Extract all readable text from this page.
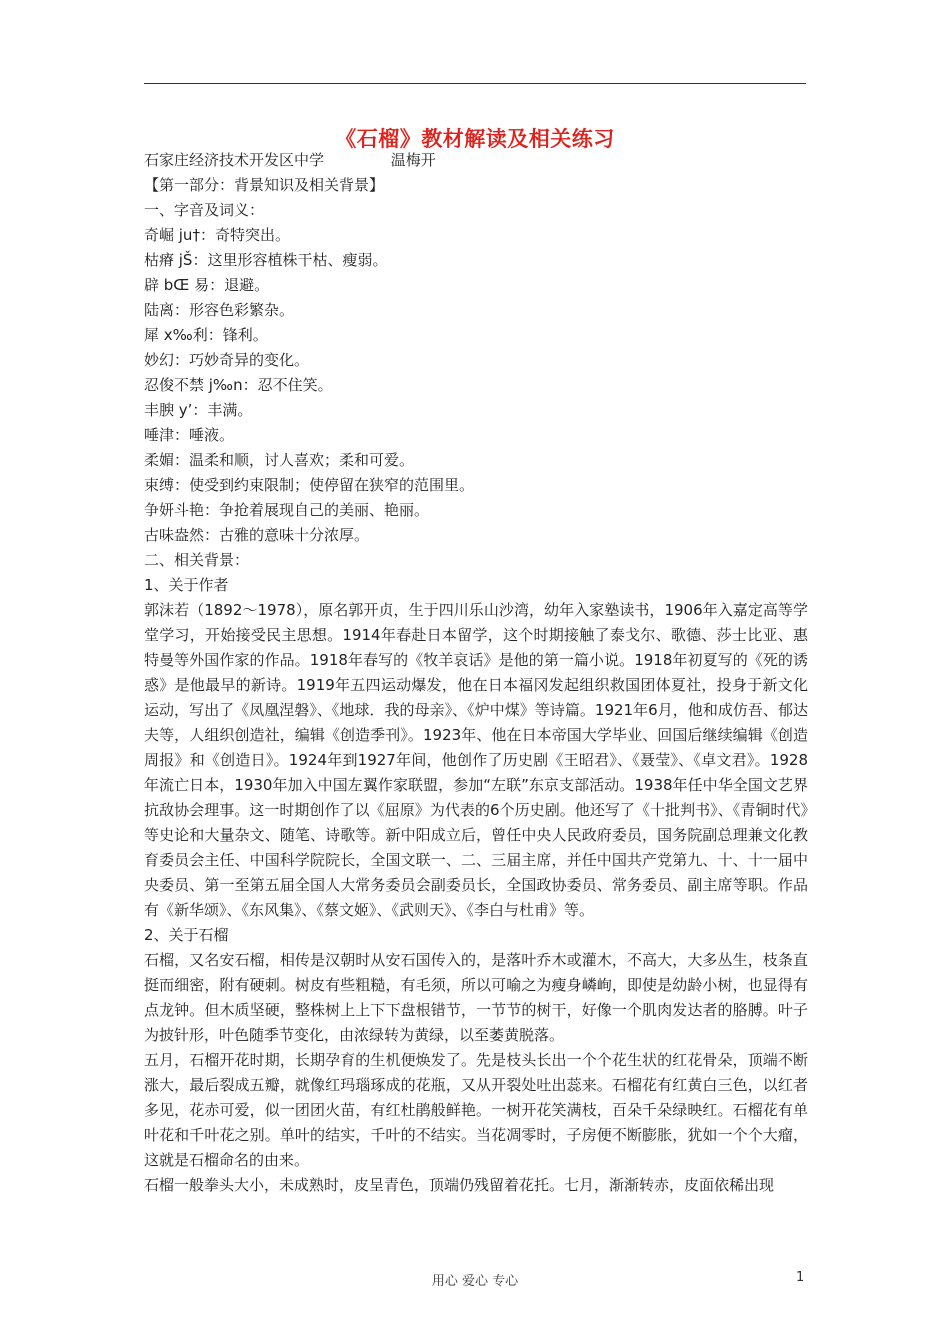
《石榴》教材解读及相关练习

石家庄经济技术开发区中学	温梅开

【第一部分：背景知识及相关背景】

一、字音及词义：

奇崛 ju†：奇特突出。

枯瘠 jŠ：这里形容植株干枯、瘦弱。

辟 bŒ 易：退避。

陆离：形容色彩繁杂。

犀 x‰利：锋利。

妙幻：巧妙奇异的变化。

忍俊不禁 j‰n：忍不住笑。

丰腴 y’：丰满。

唾津：唾液。

柔媚：温柔和顺，讨人喜欢；柔和可爱。

束缚：使受到约束限制；使停留在狭窄的范围里。

争妍斗艳：争抢着展现自己的美丽、艳丽。

古味盎然：古雅的意味十分浓厚。

二、相关背景：

1、关于作者

郭沫若（1892～1978），原名郭开贞，生于四川乐山沙湾，幼年入家塾读书，1906年入嘉定高等学堂学习，开始接受民主思想。1914年春赴日本留学，这个时期接触了泰戈尔、歌德、莎士比亚、惠特曼等外国作家的作品。1918年春写的《牧羊哀话》是他的第一篇小说。1918年初夏写的《死的诱惑》是他最早的新诗。1919年五四运动爆发，他在日本福冈发起组织救国团体夏社，投身于新文化运动，写出了《凤凰涅磐》、《地球．我的母亲》、《炉中煤》等诗篇。1921年6月，他和成仿吾、郁达夫等，人组织创造社，编辑《创造季刊》。1923年、他在日本帝国大学毕业、回国后继续编辑《创造周报》和《创造日》。1924年到1927年间，他创作了历史剧《王昭君》、《聂莹》、《卓文君》。1928年流亡日本，1930年加入中国左翼作家联盟，参加“左联”东京支部活动。1938年任中华全国文艺界抗敌协会理事。这一时期创作了以《屈原》为代表的6个历史剧。他还写了《十批判书》、《青铜时代》等史论和大量杂文、随笔、诗歌等。新中阳成立后，曾任中央人民政府委员，国务院副总理兼文化教育委员会主任、中国科学院院长，全国文联一、二、三届主席，并任中国共产党第九、十、十一届中央委员、第一至第五届全国人大常务委员会副委员长，全国政协委员、常务委员、副主席等职。作品有《新华颂》、《东风集》、《蔡文姬》、《武则天》、《李白与杜甫》等。

2、关于石榴

石榴，又名安石榴，相传是汉朝时从安石国传入的，是落叶乔木或灌木，不高大，大多丛生，枝条直挺而细密，附有硬刺。树皮有些粗糙，有毛须，所以可喻之为瘦身嶙峋，即使是幼龄小树，也显得有点龙钟。但木质坚硬，整株树上上下下盘根错节，一节节的树干，好像一个肌肉发达者的胳膊。叶子为披针形，叶色随季节变化，由浓绿转为黄绿，以至萎黄脱落。

五月，石榴开花时期，长期孕育的生机便焕发了。先是枝头长出一个个花生状的红花骨朵，顶端不断涨大，最后裂成五瓣，就像红玛瑙琢成的花瓶，又从开裂处吐出蕊来。石榴花有红黄白三色，以红者多见，花赤可爱，似一团团火苗，有红杜鹃般鲜艳。一树开花笑满枝，百朵千朵绿映红。石榴花有单叶花和千叶花之别。单叶的结实，千叶的不结实。当花凋零时，子房便不断膨胀，犹如一个个大瘤，这就是石榴命名的由来。

石榴一般拳头大小，未成熟时，皮呈青色，顶端仍残留着花托。七月，渐渐转赤，皮面依稀出现

用心 爱心 专心	1
